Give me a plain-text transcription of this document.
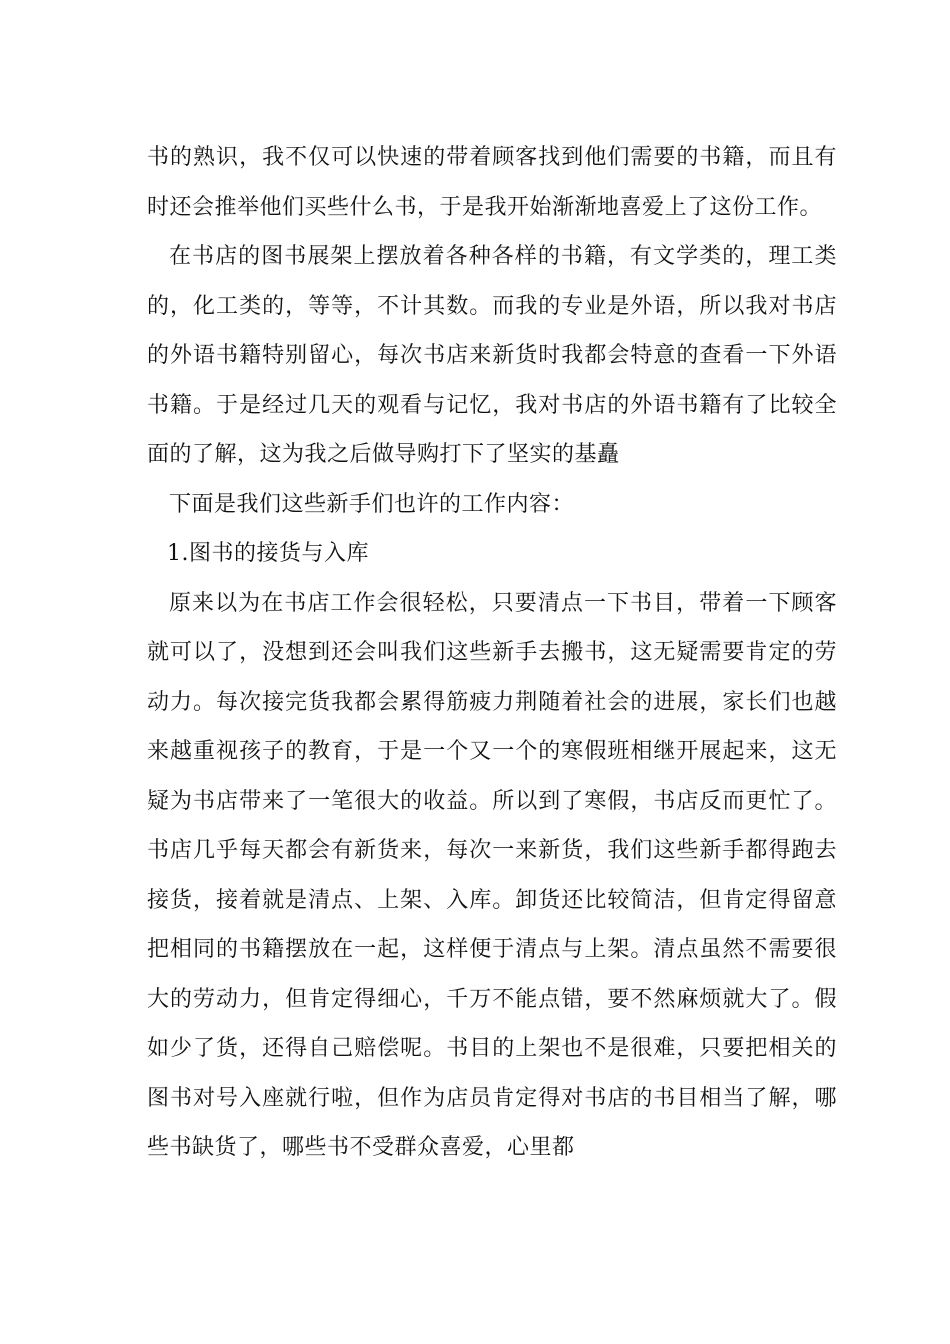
书的熟识，我不仅可以快速的带着顾客找到他们需要的书籍，而且有时还会推举他们买些什么书，于是我开始渐渐地喜爱上了这份工作。

在书店的图书展架上摆放着各种各样的书籍，有文学类的，理工类的，化工类的，等等，不计其数。而我的专业是外语，所以我对书店的外语书籍特别留心，每次书店来新货时我都会特意的查看一下外语书籍。于是经过几天的观看与记忆，我对书店的外语书籍有了比较全面的了解，这为我之后做导购打下了坚实的基矗

下面是我们这些新手们也许的工作内容：

1.图书的接货与入库

原来以为在书店工作会很轻松，只要清点一下书目，带着一下顾客就可以了，没想到还会叫我们这些新手去搬书，这无疑需要肯定的劳动力。每次接完货我都会累得筋疲力荆随着社会的进展，家长们也越来越重视孩子的教育，于是一个又一个的寒假班相继开展起来，这无疑为书店带来了一笔很大的收益。所以到了寒假，书店反而更忙了。书店几乎每天都会有新货来，每次一来新货，我们这些新手都得跑去接货，接着就是清点、上架、入库。卸货还比较简洁，但肯定得留意把相同的书籍摆放在一起，这样便于清点与上架。清点虽然不需要很大的劳动力，但肯定得细心，千万不能点错，要不然麻烦就大了。假如少了货，还得自己赔偿呢。书目的上架也不是很难，只要把相关的图书对号入座就行啦，但作为店员肯定得对书店的书目相当了解，哪些书缺货了，哪些书不受群众喜爱，心里都
